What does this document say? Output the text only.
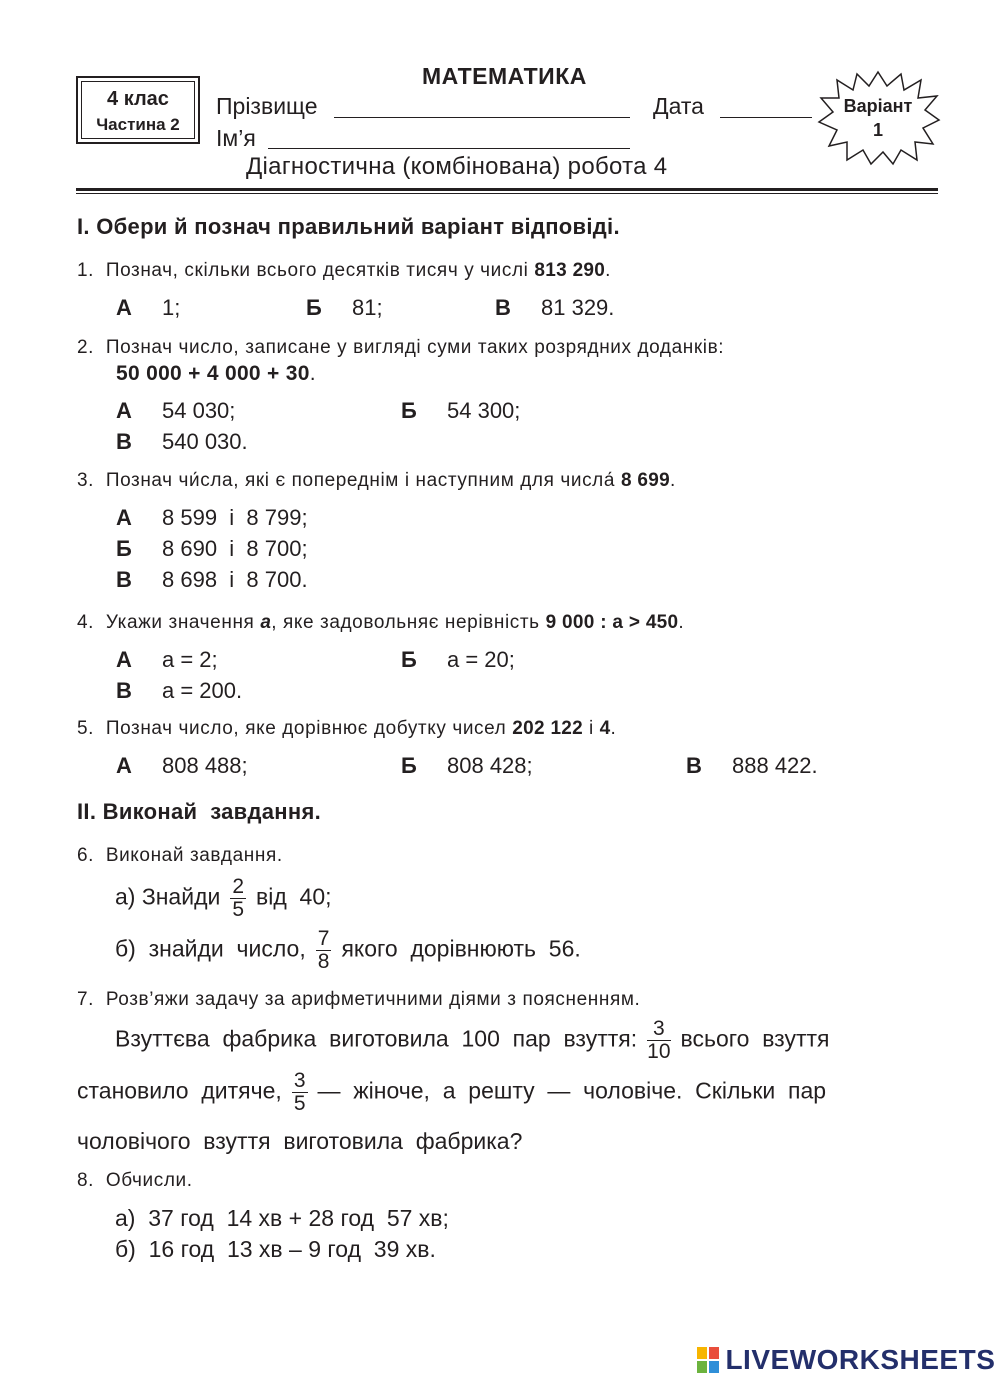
4 клас
Частина 2
МАТЕМАТИКА
Прізвище	Дата
Ім’я
Варіант
1
Діагностична (комбінована) робота 4
I. Обери й познач правильний варіант відповіді.
1. Познач, скільки всього десятків тисяч у числі 813 290.
А 1;	Б 81;	В 81 329.
2. Познач число, записане у вигляді суми таких розрядних доданків:
50 000 + 4 000 + 30.
А 54 030;	Б 54 300;
В 540 030.
3. Познач чи́сла, які є попереднім і наступним для числа́ 8 699.
А 8 599  і  8 799;
Б 8 690  і  8 700;
В 8 698  і  8 700.
4. Укажи значення a, яке задовольняє нерівність 9 000 : a > 450.
А a = 2;	Б a = 20;
В a = 200.
5. Познач число, яке дорівнює добутку чисел 202 122 і 4.
А 808 488;	Б 808 428;	В 888 422.
II. Виконай  завдання.
6. Виконай завдання.
а) Знайди $\frac{2}{5}$ від  40;
б)  знайди  число, $\frac{7}{8}$ якого  дорівнюють  56.
7. Розв’яжи задачу за арифметичними діями з поясненням.
Взуттєва  фабрика  виготовила  100  пар  взуття: $\frac{3}{10}$ всього  взуття
становило  дитяче, $\frac{3}{5}$ —  жіноче,  а  решту  —  чоловіче.  Скільки  пар
чоловічого  взуття  виготовила  фабрика?
8. Обчисли.
а)  37 год  14 хв + 28 год  57 хв;
б)  16 год  13 хв – 9 год  39 хв.
LIVEWORKSHEETS
